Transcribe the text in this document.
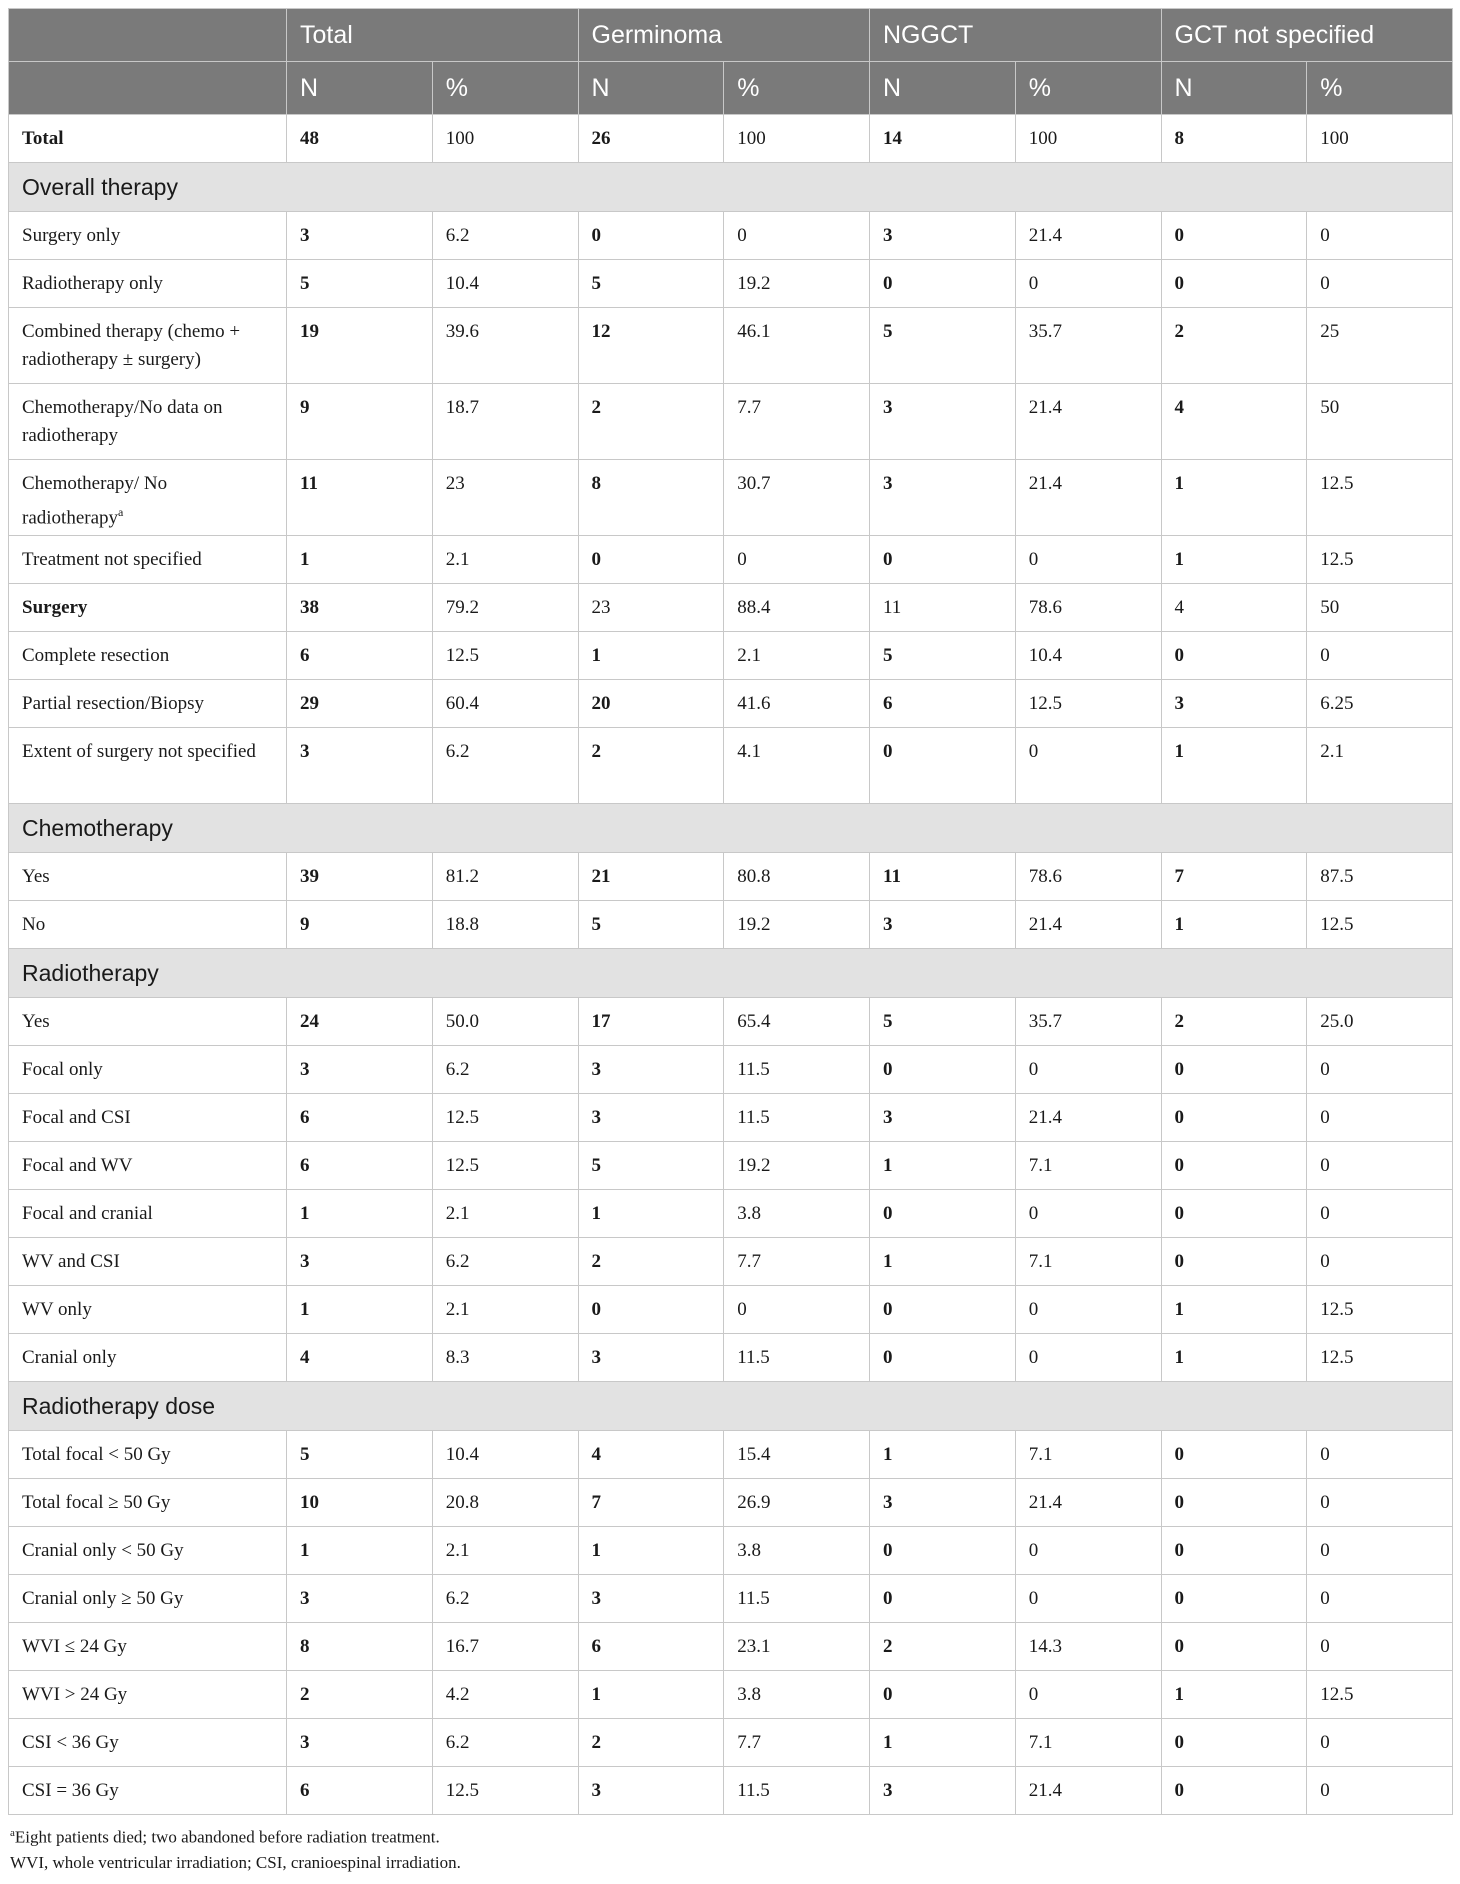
	Total		Germinoma		NGGCT		GCT not specified	
	N	%	N	%	N	%	N	%
Total	48	100	26	100	14	100	8	100
Overall therapy								
Surgery only	3	6.2	0	0	3	21.4	0	0
Radiotherapy only	5	10.4	5	19.2	0	0	0	0
Combined therapy (chemo + radiotherapy ± surgery)	19	39.6	12	46.1	5	35.7	2	25
Chemotherapy/No data on radiotherapy	9	18.7	2	7.7	3	21.4	4	50
Chemotherapy/ No radiotherapy$^a$	11	23	8	30.7	3	21.4	1	12.5
Treatment not specified	1	2.1	0	0	0	0	1	12.5
Surgery	38	79.2	23	88.4	11	78.6	4	50
Complete resection	6	12.5	1	2.1	5	10.4	0	0
Partial resection/Biopsy	29	60.4	20	41.6	6	12.5	3	6.25
Extent of surgery not specified	3	6.2	2	4.1	0	0	1	2.1
Chemotherapy								
Yes	39	81.2	21	80.8	11	78.6	7	87.5
No	9	18.8	5	19.2	3	21.4	1	12.5
Radiotherapy								
Yes	24	50.0	17	65.4	5	35.7	2	25.0
Focal only	3	6.2	3	11.5	0	0	0	0
Focal and CSI	6	12.5	3	11.5	3	21.4	0	0
Focal and WV	6	12.5	5	19.2	1	7.1	0	0
Focal and cranial	1	2.1	1	3.8	0	0	0	0
WV and CSI	3	6.2	2	7.7	1	7.1	0	0
WV only	1	2.1	0	0	0	0	1	12.5
Cranial only	4	8.3	3	11.5	0	0	1	12.5
Radiotherapy dose								
Total focal < 50 Gy	5	10.4	4	15.4	1	7.1	0	0
Total focal ≥ 50 Gy	10	20.8	7	26.9	3	21.4	0	0
Cranial only < 50 Gy	1	2.1	1	3.8	0	0	0	0
Cranial only ≥ 50 Gy	3	6.2	3	11.5	0	0	0	0
WVI ≤ 24 Gy	8	16.7	6	23.1	2	14.3	0	0
WVI > 24 Gy	2	4.2	1	3.8	0	0	1	12.5
CSI < 36 Gy	3	6.2	2	7.7	1	7.1	0	0
CSI = 36 Gy	6	12.5	3	11.5	3	21.4	0	0
$^a$Eight patients died; two abandoned before radiation treatment.
WVI, whole ventricular irradiation; CSI, cranioespinal irradiation.
